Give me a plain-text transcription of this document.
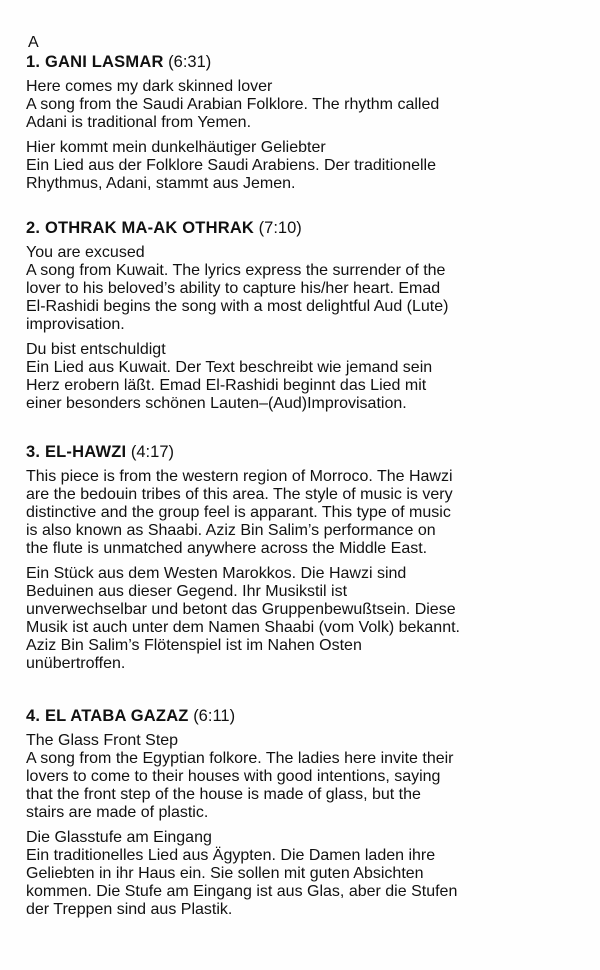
A
1. GANI LASMAR (6:31)

Here comes my dark skinned lover

A song from the Saudi Arabian Folklore. The rhythm called
Adani is traditional from Yemen.

Hier kommt mein dunkelhäutiger Geliebter

Ein Lied aus der Folklore Saudi Arabiens. Der traditionelle
Rhythmus, Adani, stammt aus Jemen.

2. OTHRAK MA-AK OTHRAK (7:10)

You are excused

A song from Kuwait. The lyrics express the surrender of the
lover to his beloved’s ability to capture his/her heart. Emad
El-Rashidi begins the song with a most delightful Aud (Lute)
improvisation.

Du bist entschuldigt

Ein Lied aus Kuwait. Der Text beschreibt wie jemand sein
Herz erobern läßt. Emad El-Rashidi beginnt das Lied mit
einer besonders schönen Lauten–(Aud)Improvisation.

3. EL-HAWZI (4:17)

This piece is from the western region of Morroco. The Hawzi
are the bedouin tribes of this area. The style of music is very
distinctive and the group feel is apparant. This type of music
is also known as Shaabi. Aziz Bin Salim’s performance on
the flute is unmatched anywhere across the Middle East.

Ein Stück aus dem Westen Marokkos. Die Hawzi sind
Beduinen aus dieser Gegend. Ihr Musikstil ist
unverwechselbar und betont das Gruppenbewußtsein. Diese
Musik ist auch unter dem Namen Shaabi (vom Volk) bekannt.
Aziz Bin Salim’s Flötenspiel ist im Nahen Osten
unübertroffen.

4. EL ATABA GAZAZ (6:11)

The Glass Front Step

A song from the Egyptian folkore. The ladies here invite their
lovers to come to their houses with good intentions, saying
that the front step of the house is made of glass, but the
stairs are made of plastic.

Die Glasstufe am Eingang

Ein traditionelles Lied aus Ägypten. Die Damen laden ihre
Geliebten in ihr Haus ein. Sie sollen mit guten Absichten
kommen. Die Stufe am Eingang ist aus Glas, aber die Stufen
der Treppen sind aus Plastik.
